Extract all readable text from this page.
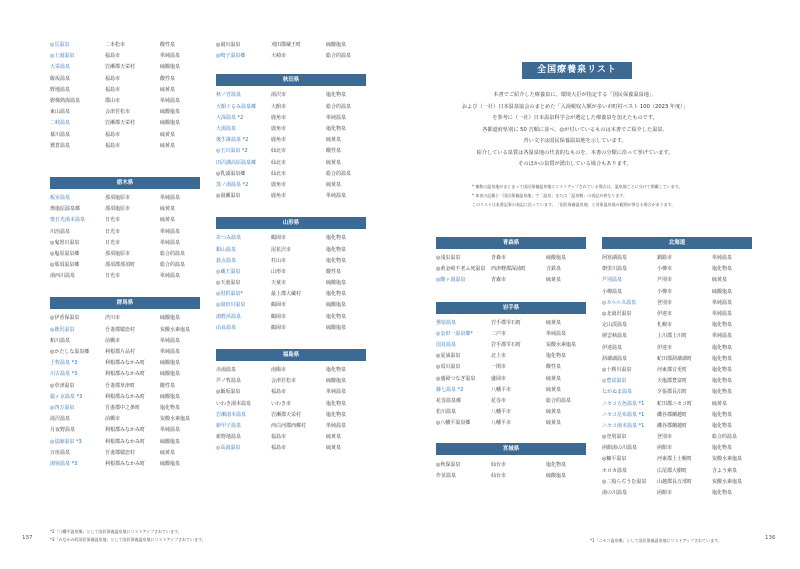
◎岳温泉	二本松市	酸性泉
◎土湯温泉	福島市	単純温泉
天栄温泉	岩瀬郡天栄村	硫酸塩泉
飯坂温泉	福島市	酸性泉
野地温泉	福島市	硫黄泉
磐梯熱海温泉	郡山市	単純温泉
東山温泉	会津若松市	硫酸塩泉
二岐温泉	岩瀬郡天栄村	硫酸塩泉
幕川温泉	福島市	硫黄泉
鷲倉温泉	福島市	硫黄泉
栃木県
板室温泉	那須塩原市	単純温泉
奥塩原温泉郷	那須塩原市	硫黄泉
奥日光湯本温泉	日光市	硫黄泉
川治温泉	日光市	単純温泉
◎鬼怒川温泉	日光市	単純温泉
◎塩原温泉郷	那須塩原市	総合的温泉
◎那須温泉郷	那須郡那須町	総合的温泉
湯西川温泉	日光市	単純温泉
群馬県
◎伊香保温泉	渋川市	硫酸塩泉
◎鹿沢温泉	吾妻郡嬬恋村	炭酸水素塩泉
粕川温泉	前橋市	単純温泉
◎かたしな温泉郷	利根郡片品村	単純温泉
上牧温泉 *3	利根郡みなかみ町	硫酸塩泉
川古温泉 *3	利根郡みなかみ町	硫酸塩泉
◎草津温泉	吾妻郡草津町	酸性泉
猿ヶ京温泉 *3	利根郡みなかみ町	硫酸塩泉
◎四万温泉	吾妻郡中之条町	塩化物泉
滝沢温泉	前橋市	炭酸水素塩泉
月夜野温泉	利根郡みなかみ町	単純温泉
◎法師温泉 *3	利根郡みなかみ町	硫酸塩泉
万座温泉	吾妻郡嬬恋村	硫黄泉
湯宿温泉 *3	利根郡みなかみ町	硫酸塩泉
◎湯川温泉	刈田郡蔵王町	硫酸塩泉
◎鳴子温泉郷	大崎市	総合的温泉
秋田県
秋ノ宮温泉	湯沢市	塩化物泉
大館ぐるみ温泉郷	大館市	総合的温泉
大深温泉 *2	鹿角市	単純温泉
大湯温泉	鹿角市	塩化物泉
後生掛温泉 *2	鹿角市	硫黄泉
◎玉川温泉 *2	仙北市	酸性泉
田沢湖高原温泉郷	仙北市	硫黄泉
◎乳頭温泉郷	仙北市	総合的温泉
蒸ノ湯温泉 *2	鹿角市	硫黄泉
◎湯瀬温泉	鹿角市	単純温泉
山形県
あつみ温泉	鶴岡市	塩化物泉
銀山温泉	尾花沢市	塩化物泉
碁点温泉	村山市	塩化物泉
◎蔵王温泉	山形市	酸性泉
◎天童温泉	天童市	硫酸塩泉
◎肘折温泉*	最上郡大蔵村	塩化物泉
◎湯田川温泉	鶴岡市	硫酸塩泉
湯野浜温泉	鶴岡市	塩化物泉
由良温泉	鶴岡市	硫酸塩泉
福島県
赤湯温泉	南陽市	塩化物泉
芦ノ牧温泉	会津若松市	硫酸塩泉
◎飯坂温泉	福島市	単純温泉
いわき湯本温泉	いわき市	塩化物泉
岩瀬湯本温泉	岩瀬郡天栄村	塩化物泉
新甲子温泉	西白河郡西郷村	単純温泉
新野地温泉	福島市	硫黄泉
◎高湯温泉	福島市	硫黄泉
全国療養泉リスト
本書でご紹介した療養泉に、環境大臣が指定する「国民保養温泉地」、
および（一社）日本温泉協会のまとめた「入湯税収入額が多い市町村ベスト 100（2023 年度）」
を参考に（一社）日本温泉科学会が選定した療養泉を加えたものです。
各都道府県別に 50 音順に並べ、◎が付いているものは本書でご紹介した温泉、
青い文字は国民保養温泉地を示しています。
紹介している泉質は各温泉地の代表的なものを、本書の分類に沿って挙げています。
そのほかの泉質が湧出している場合もあります。
* 複数の温泉地がまとまって国民保養温泉地にリストアップされている場合は、温泉地ごとに分けて掲載しています。
* 本表の記載と「国民保養温泉地」で「温泉」または「温泉郷」の表記が異なります。
このリストは本書記事の表記に沿っています。「国民保養温泉地」と対象温泉地の範囲が異なる場合があります。
青森県
◎浅虫温泉	青森市	硫酸塩泉
◎黄金崎不老ふ死温泉	西津軽郡深浦町	含鉄泉
◎酸ヶ湯温泉	青森市	硫黄泉
岩手県
鶯宿温泉	岩手郡雫石町	硫黄泉
◎金田一温泉郷*	二戸市	単純温泉
国見温泉	岩手郡雫石町	炭酸水素塩泉
◎夏油温泉	北上市	塩化物泉
◎須川温泉	一関市	酸性泉
◎盛岡つなぎ温泉	盛岡市	硫黄泉
藤七温泉 *2	八幡平市	硫黄泉
花巻温泉郷	花巻市	総合的温泉
松川温泉	八幡平市	硫黄泉
◎八幡平温泉郷	八幡平市	硫黄泉
宮城県
◎秋保温泉	仙台市	塩化物泉
作並温泉	仙台市	硫酸塩泉
北海道
阿寒湖温泉	釧路市	単純温泉
朝里川温泉	小樽市	塩化物泉
芦別温泉	芦別市	硫黄泉
小樽温泉	小樽市	硫酸塩泉
◎カルルス温泉	登別市	単純温泉
◎北湯沢温泉	伊達市	単純温泉
定山渓温泉	札幌市	塩化物泉
層雲峡温泉	上川郡上川町	単純温泉
伊達温泉	伊達市	塩化物泉
洞爺湖温泉	虻田郡洞爺湖町	塩化物泉
◎十勝川温泉	河東郡音更町	塩化物泉
◎豊富温泉	天塩郡豊富町	塩化物泉
ながぬま温泉	夕張郡長沼町	塩化物泉
ニセコ五色温泉 *1	虻田郡ニセコ町	硫黄泉
ニセコ昆布温泉 *1	磯谷郡蘭越町	塩化物泉
ニセコ湯本温泉 *1	磯谷郡蘭越町	塩化物泉
◎登別温泉	登別市	総合的温泉
函館湯の川温泉	函館市	塩化物泉
◎糠平温泉	河東郡上士幌町	炭酸水素塩泉
ホロカ温泉	広尾郡大樹町	含よう素泉
◎二股らぢうむ温泉	山越郡長万部町	炭酸水素塩泉
湯の川温泉	函館市	塩化物泉
*2「八幡平温泉郷」として国民保養温泉地にリストアップされています。
*3「みなかみ町国民保養温泉地」として国民保養温泉地にリストアップされています。	*1「ニセコ温泉郷」として国民保養温泉地にリストアップされています。
137	136
